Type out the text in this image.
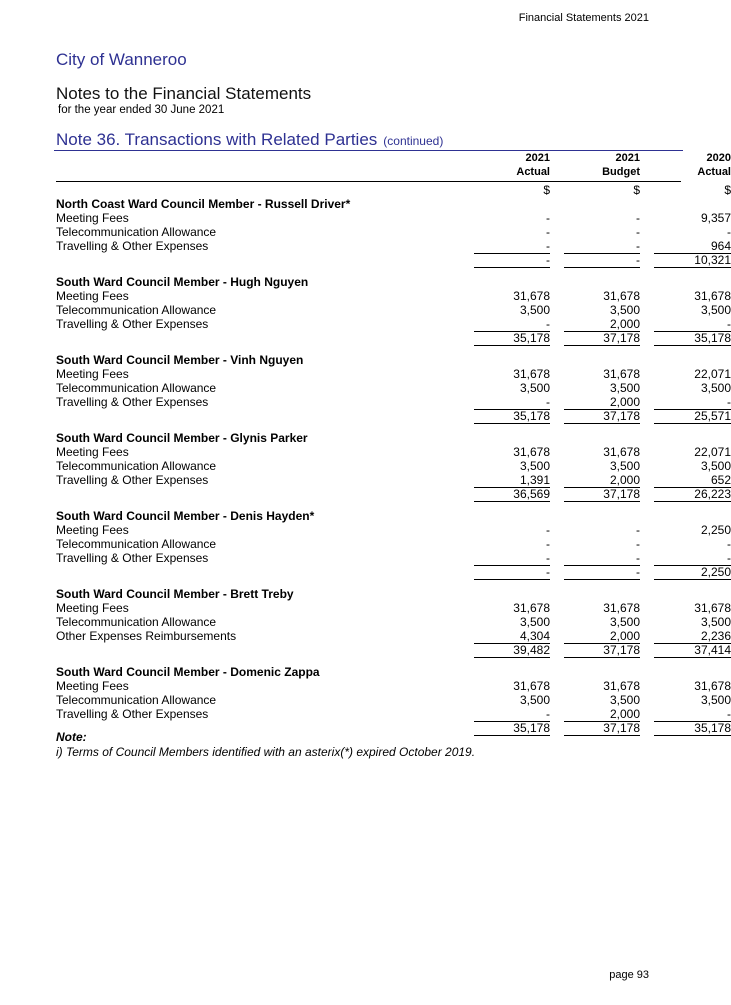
Financial Statements 2021
City of Wanneroo
Notes to the Financial Statements
for the year ended 30 June 2021
Note 36. Transactions with Related Parties (continued)
2021	2021	2020
Actual	Budget	Actual
$	$	$
North Coast Ward Council Member - Russell Driver*
Meeting Fees	-	-	9,357
Telecommunication Allowance	-	-	-
Travelling & Other Expenses	-	-	964
-	-	10,321
South Ward Council Member - Hugh Nguyen
Meeting Fees	31,678	31,678	31,678
Telecommunication Allowance	3,500	3,500	3,500
Travelling & Other Expenses	-	2,000	-
35,178	37,178	35,178
South Ward Council Member - Vinh Nguyen
Meeting Fees	31,678	31,678	22,071
Telecommunication Allowance	3,500	3,500	3,500
Travelling & Other Expenses	-	2,000	-
35,178	37,178	25,571
South Ward Council Member - Glynis Parker
Meeting Fees	31,678	31,678	22,071
Telecommunication Allowance	3,500	3,500	3,500
Travelling & Other Expenses	1,391	2,000	652
36,569	37,178	26,223
South Ward Council Member - Denis Hayden*
Meeting Fees	-	-	2,250
Telecommunication Allowance	-	-	-
Travelling & Other Expenses	-	-	-
-	-	2,250
South Ward Council Member - Brett Treby
Meeting Fees	31,678	31,678	31,678
Telecommunication Allowance	3,500	3,500	3,500
Other Expenses Reimbursements	4,304	2,000	2,236
39,482	37,178	37,414
South Ward Council Member - Domenic Zappa
Meeting Fees	31,678	31,678	31,678
Telecommunication Allowance	3,500	3,500	3,500
Travelling & Other Expenses	-	2,000	-
35,178	37,178	35,178
Note:
i) Terms of Council Members identified with an asterix(*) expired October 2019.
page 93
